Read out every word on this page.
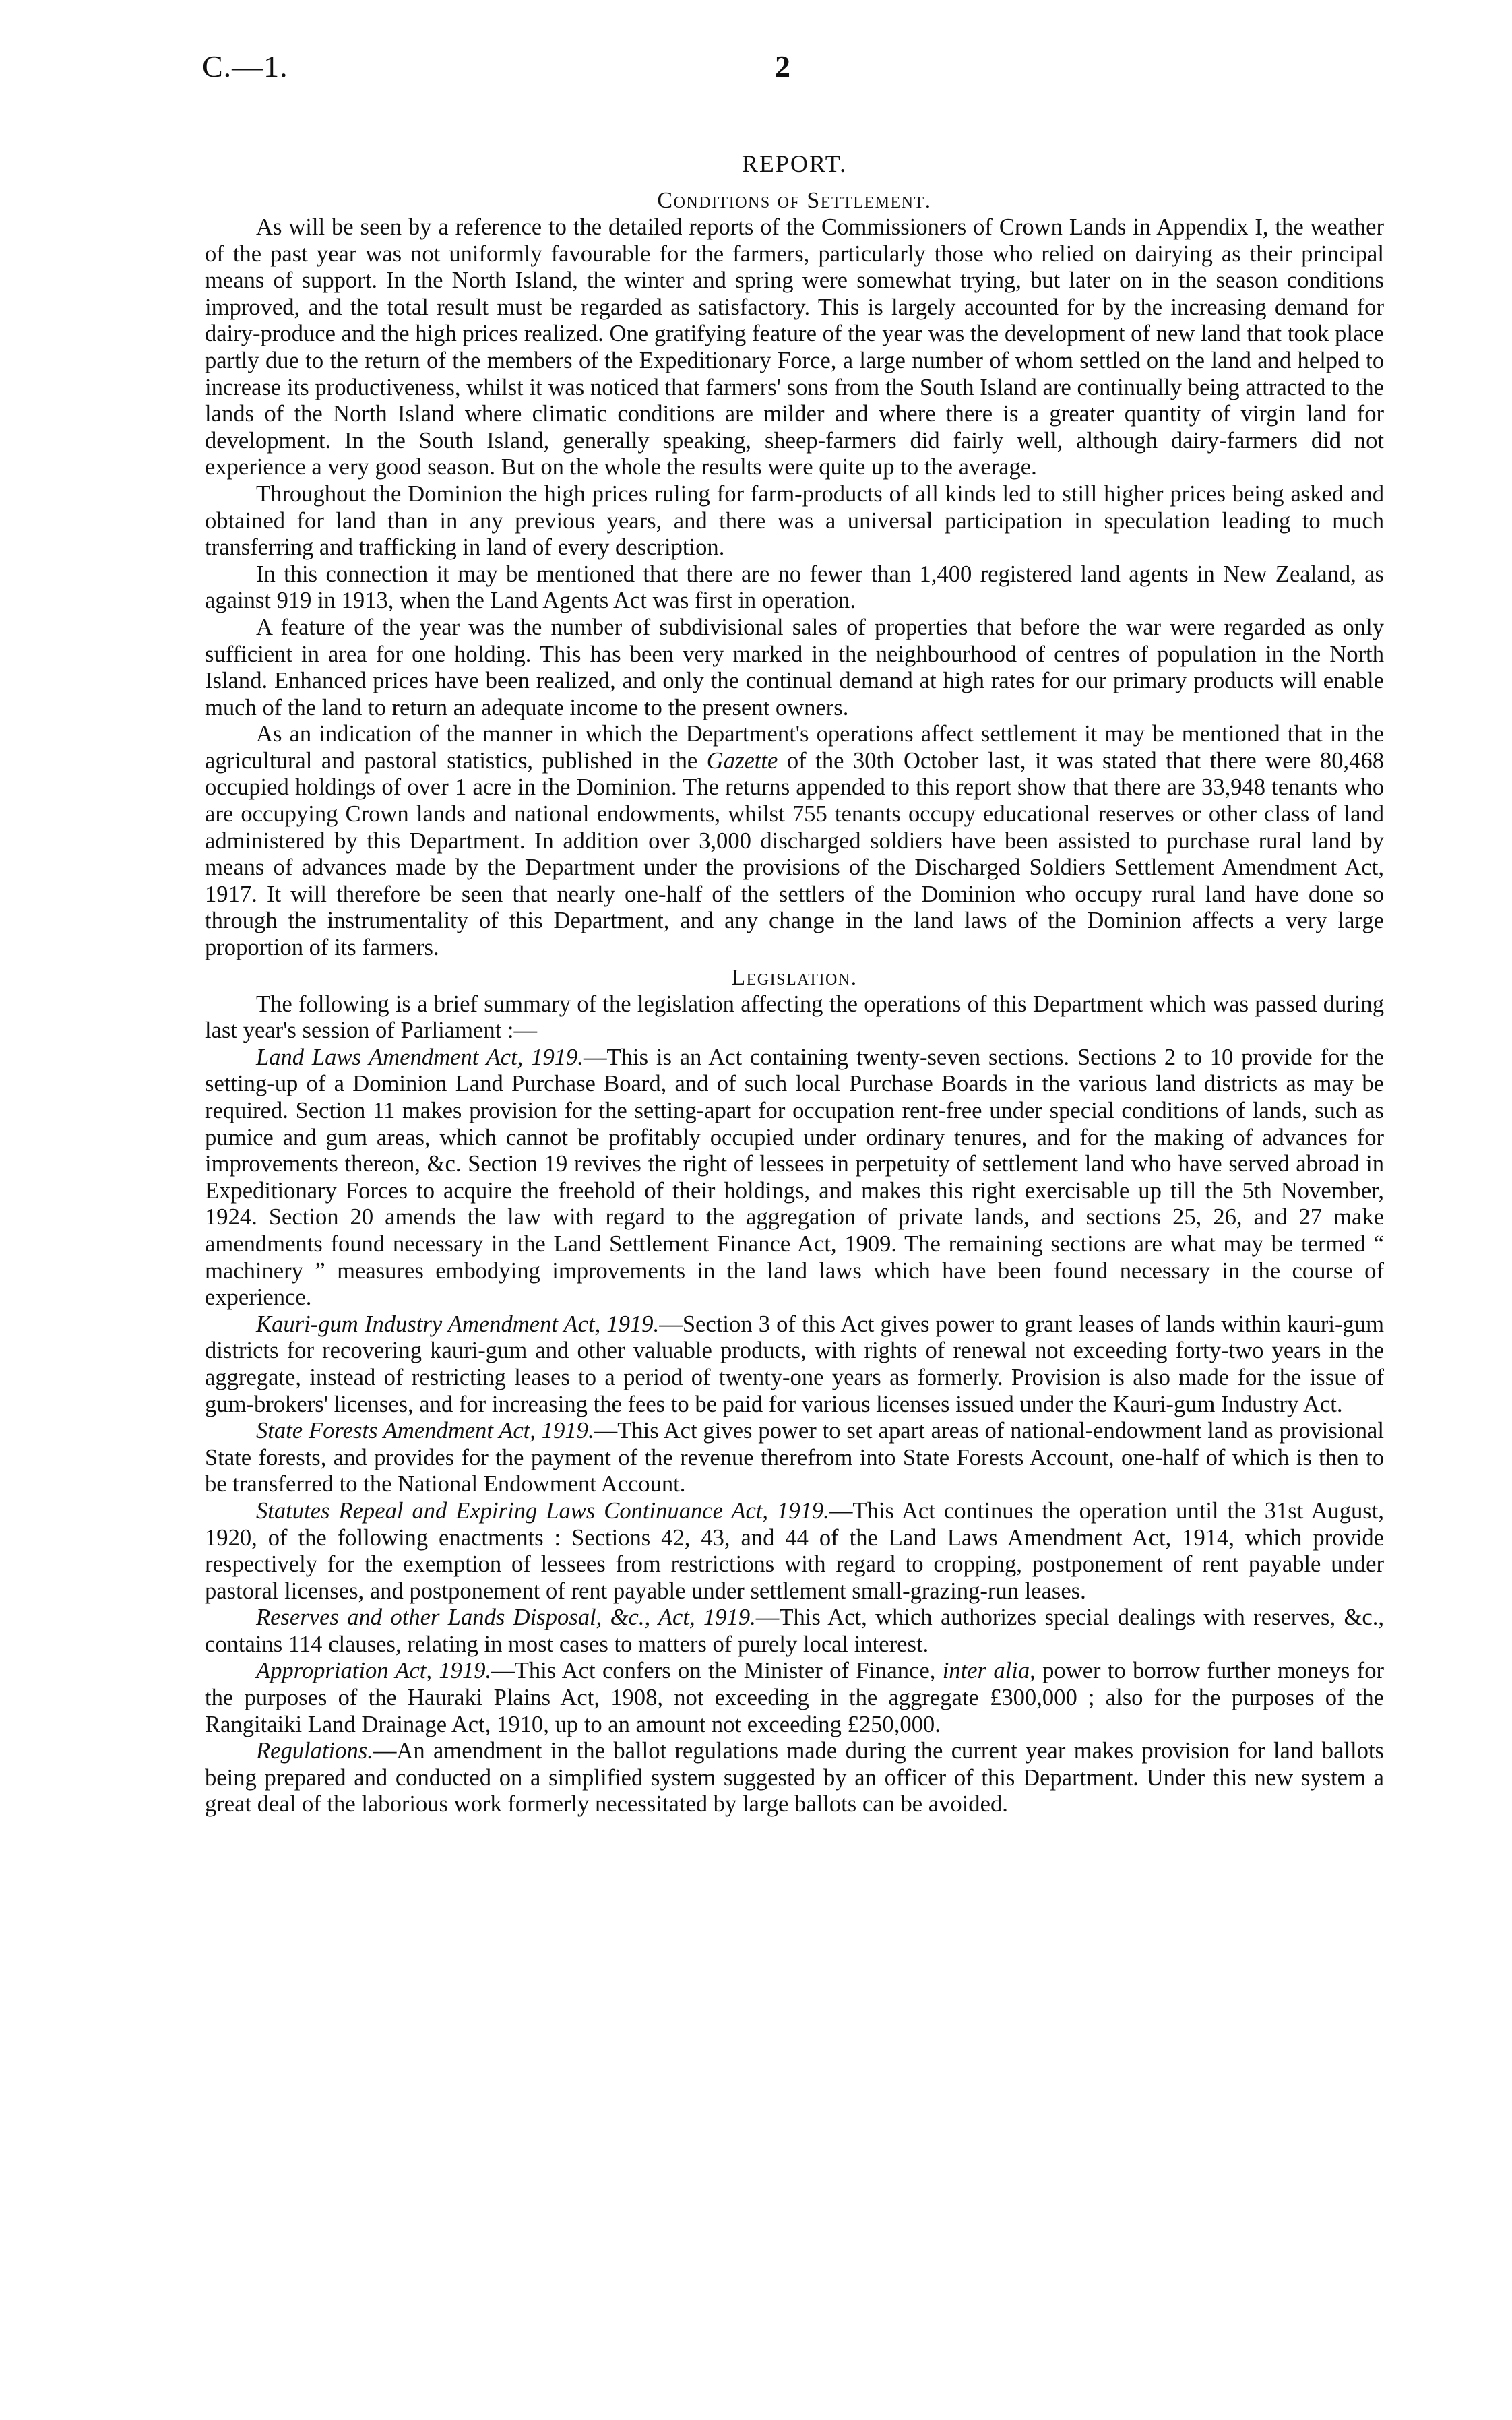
C.—1.	2
REPORT.
Conditions of Settlement.

As will be seen by a reference to the detailed reports of the Commissioners of Crown Lands in Appendix I, the weather of the past year was not uniformly favourable for the farmers, particularly those who relied on dairying as their principal means of support. In the North Island, the winter and spring were somewhat trying, but later on in the season conditions improved, and the total result must be regarded as satisfactory. This is largely accounted for by the increasing demand for dairy-produce and the high prices realized. One gratifying feature of the year was the development of new land that took place partly due to the return of the members of the Expeditionary Force, a large number of whom settled on the land and helped to increase its productiveness, whilst it was noticed that farmers' sons from the South Island are continually being attracted to the lands of the North Island where climatic conditions are milder and where there is a greater quantity of virgin land for development. In the South Island, generally speaking, sheep-farmers did fairly well, although dairy-farmers did not experience a very good season. But on the whole the results were quite up to the average.

Throughout the Dominion the high prices ruling for farm-products of all kinds led to still higher prices being asked and obtained for land than in any previous years, and there was a universal participation in speculation leading to much transferring and trafficking in land of every description.

In this connection it may be mentioned that there are no fewer than 1,400 registered land agents in New Zealand, as against 919 in 1913, when the Land Agents Act was first in operation.

A feature of the year was the number of subdivisional sales of properties that before the war were regarded as only sufficient in area for one holding. This has been very marked in the neighbourhood of centres of population in the North Island. Enhanced prices have been realized, and only the continual demand at high rates for our primary products will enable much of the land to return an adequate income to the present owners.

As an indication of the manner in which the Department's operations affect settlement it may be mentioned that in the agricultural and pastoral statistics, published in the Gazette of the 30th October last, it was stated that there were 80,468 occupied holdings of over 1 acre in the Dominion. The returns appended to this report show that there are 33,948 tenants who are occupying Crown lands and national endowments, whilst 755 tenants occupy educational reserves or other class of land administered by this Department. In addition over 3,000 discharged soldiers have been assisted to purchase rural land by means of advances made by the Department under the provisions of the Discharged Soldiers Settlement Amendment Act, 1917. It will therefore be seen that nearly one-half of the settlers of the Dominion who occupy rural land have done so through the instrumentality of this Department, and any change in the land laws of the Dominion affects a very large proportion of its farmers.

Legislation.

The following is a brief summary of the legislation affecting the operations of this Department which was passed during last year's session of Parliament :—

Land Laws Amendment Act, 1919.—This is an Act containing twenty-seven sections. Sections 2 to 10 provide for the setting-up of a Dominion Land Purchase Board, and of such local Purchase Boards in the various land districts as may be required. Section 11 makes provision for the setting-apart for occupation rent-free under special conditions of lands, such as pumice and gum areas, which cannot be profitably occupied under ordinary tenures, and for the making of advances for improvements thereon, &c. Section 19 revives the right of lessees in perpetuity of settlement land who have served abroad in Expeditionary Forces to acquire the freehold of their holdings, and makes this right exercisable up till the 5th November, 1924. Section 20 amends the law with regard to the aggregation of private lands, and sections 25, 26, and 27 make amendments found necessary in the Land Settlement Finance Act, 1909. The remaining sections are what may be termed “ machinery ” measures embodying improvements in the land laws which have been found necessary in the course of experience.

Kauri-gum Industry Amendment Act, 1919.—Section 3 of this Act gives power to grant leases of lands within kauri-gum districts for recovering kauri-gum and other valuable products, with rights of renewal not exceeding forty-two years in the aggregate, instead of restricting leases to a period of twenty-one years as formerly. Provision is also made for the issue of gum-brokers' licenses, and for increasing the fees to be paid for various licenses issued under the Kauri-gum Industry Act.

State Forests Amendment Act, 1919.—This Act gives power to set apart areas of national-endowment land as provisional State forests, and provides for the payment of the revenue therefrom into State Forests Account, one-half of which is then to be transferred to the National Endowment Account.

Statutes Repeal and Expiring Laws Continuance Act, 1919.—This Act continues the operation until the 31st August, 1920, of the following enactments : Sections 42, 43, and 44 of the Land Laws Amendment Act, 1914, which provide respectively for the exemption of lessees from restrictions with regard to cropping, postponement of rent payable under pastoral licenses, and postponement of rent payable under settlement small-grazing-run leases.

Reserves and other Lands Disposal, &c., Act, 1919.—This Act, which authorizes special dealings with reserves, &c., contains 114 clauses, relating in most cases to matters of purely local interest.

Appropriation Act, 1919.—This Act confers on the Minister of Finance, inter alia, power to borrow further moneys for the purposes of the Hauraki Plains Act, 1908, not exceeding in the aggregate £300,000 ; also for the purposes of the Rangitaiki Land Drainage Act, 1910, up to an amount not exceeding £250,000.

Regulations.—An amendment in the ballot regulations made during the current year makes provision for land ballots being prepared and conducted on a simplified system suggested by an officer of this Department. Under this new system a great deal of the laborious work formerly necessitated by large ballots can be avoided.
